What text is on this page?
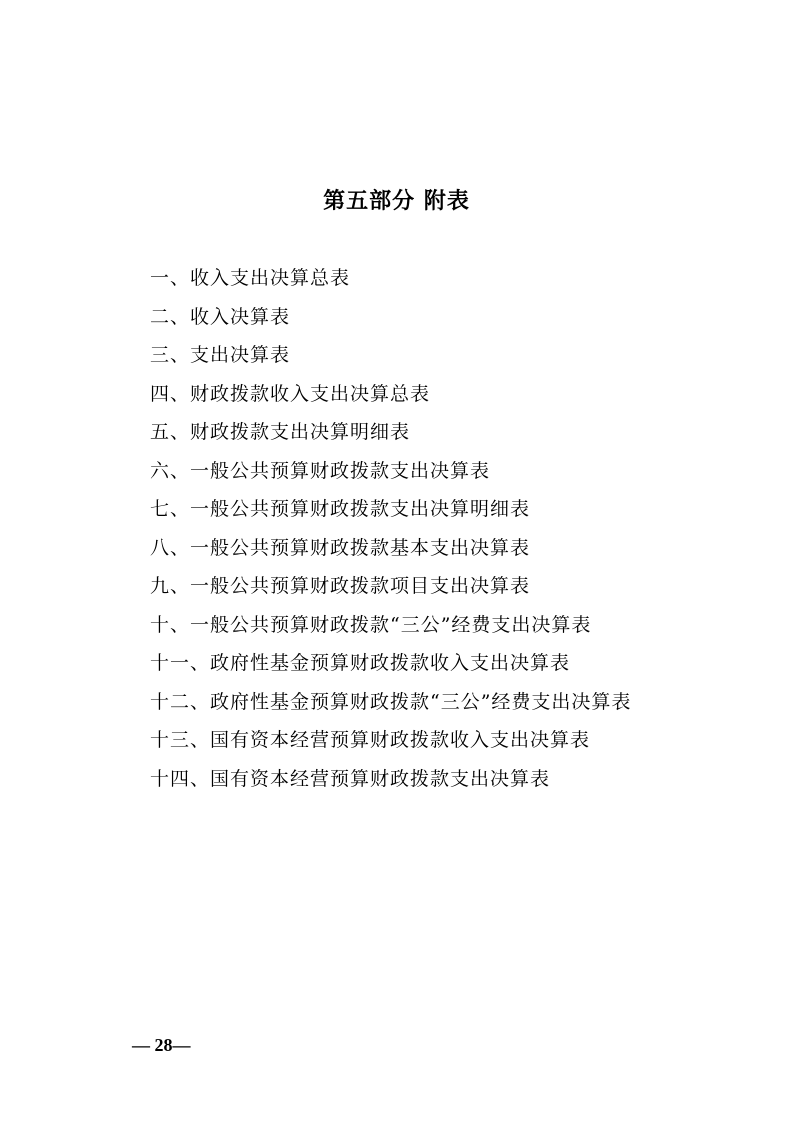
第五部分 附表
一、收入支出决算总表
二、收入决算表
三、支出决算表
四、财政拨款收入支出决算总表
五、财政拨款支出决算明细表
六、一般公共预算财政拨款支出决算表
七、一般公共预算财政拨款支出决算明细表
八、一般公共预算财政拨款基本支出决算表
九、一般公共预算财政拨款项目支出决算表
十、一般公共预算财政拨款“三公”经费支出决算表
十一、政府性基金预算财政拨款收入支出决算表
十二、政府性基金预算财政拨款“三公”经费支出决算表
十三、国有资本经营预算财政拨款收入支出决算表
十四、国有资本经营预算财政拨款支出决算表
— 28—
